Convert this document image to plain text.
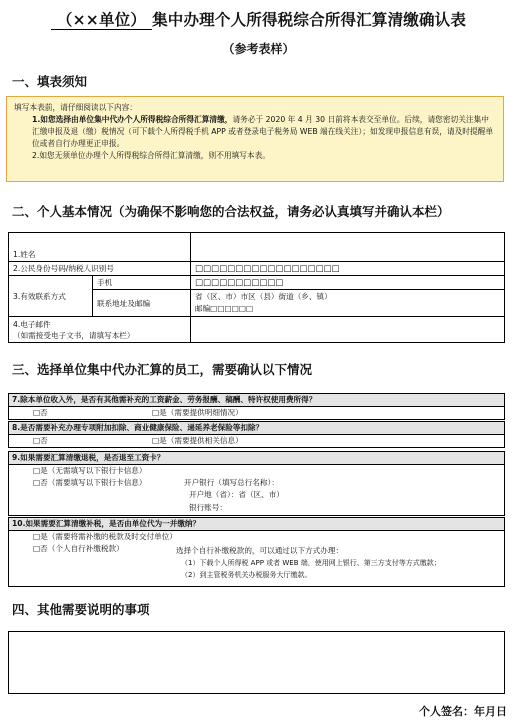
（××单位） 集中办理个人所得税综合所得汇算清缴确认表
（参考表样）
一、填表须知

填写本表前，请仔细阅读以下内容：

1.如您选择由单位集中代办个人所得税综合所得汇算清缴，请务必于 2020 年 4 月 30 日前将本表交至单位。后续，请您密切关注集中汇缴申报及退（缴）税情况（可下载个人所得税手机 APP 或者登录电子税务局 WEB 端在线关注）；如发现申报信息有误，请及时提醒单位或者自行办理更正申报。

2.如您无须单位办理个人所得税综合所得汇算清缴，则不用填写本表。

二、个人基本情况（为确保不影响您的合法权益，请务必认真填写并确认本栏）
1.姓名		
2.公民身份号码/纳税人识别号		□□□□□□□□□□□□□□□□□□
3.有效联系方式	手机	□□□□□□□□□□□
	联系地址及邮编	省（区、市）市区（县）街道（乡、镇）
邮编□□□□□□

4.电子邮件
（如需接受电子文书，请填写本栏）		

三、选择单位集中代办汇算的员工，需要确认以下情况
7.除本单位收入外，是否有其他需补充的工资薪金、劳务报酬、稿酬、特许权使用费所得？
□否	□是（需要提供明细情况）
8.是否需要补充办理专项附加扣除、商业健康保险、递延养老保险等扣除？
□否	□是（需要提供相关信息）
9.如果需要汇算清缴退税，是否退至工资卡？
□是（无需填写以下银行卡信息）
□否（需要填写以下银行卡信息）	开户银行（填写总行名称）：
开户地（省）：省（区、市）
银行账号：
10.如果需要汇算清缴补税，是否由单位代为一并缴纳？
□是（需要将需补缴的税款及时交付单位）
□否（个人自行补缴税款）	选择个自行补缴税款的，可以通过以下方式办理：
（1）下载个人所得税 APP 或者 WEB 端，使用网上银行、第三方支付等方式缴款；
（2）到主管税务机关办税服务大厅缴款。
四、其他需要说明的事项
个人签名：年月日
